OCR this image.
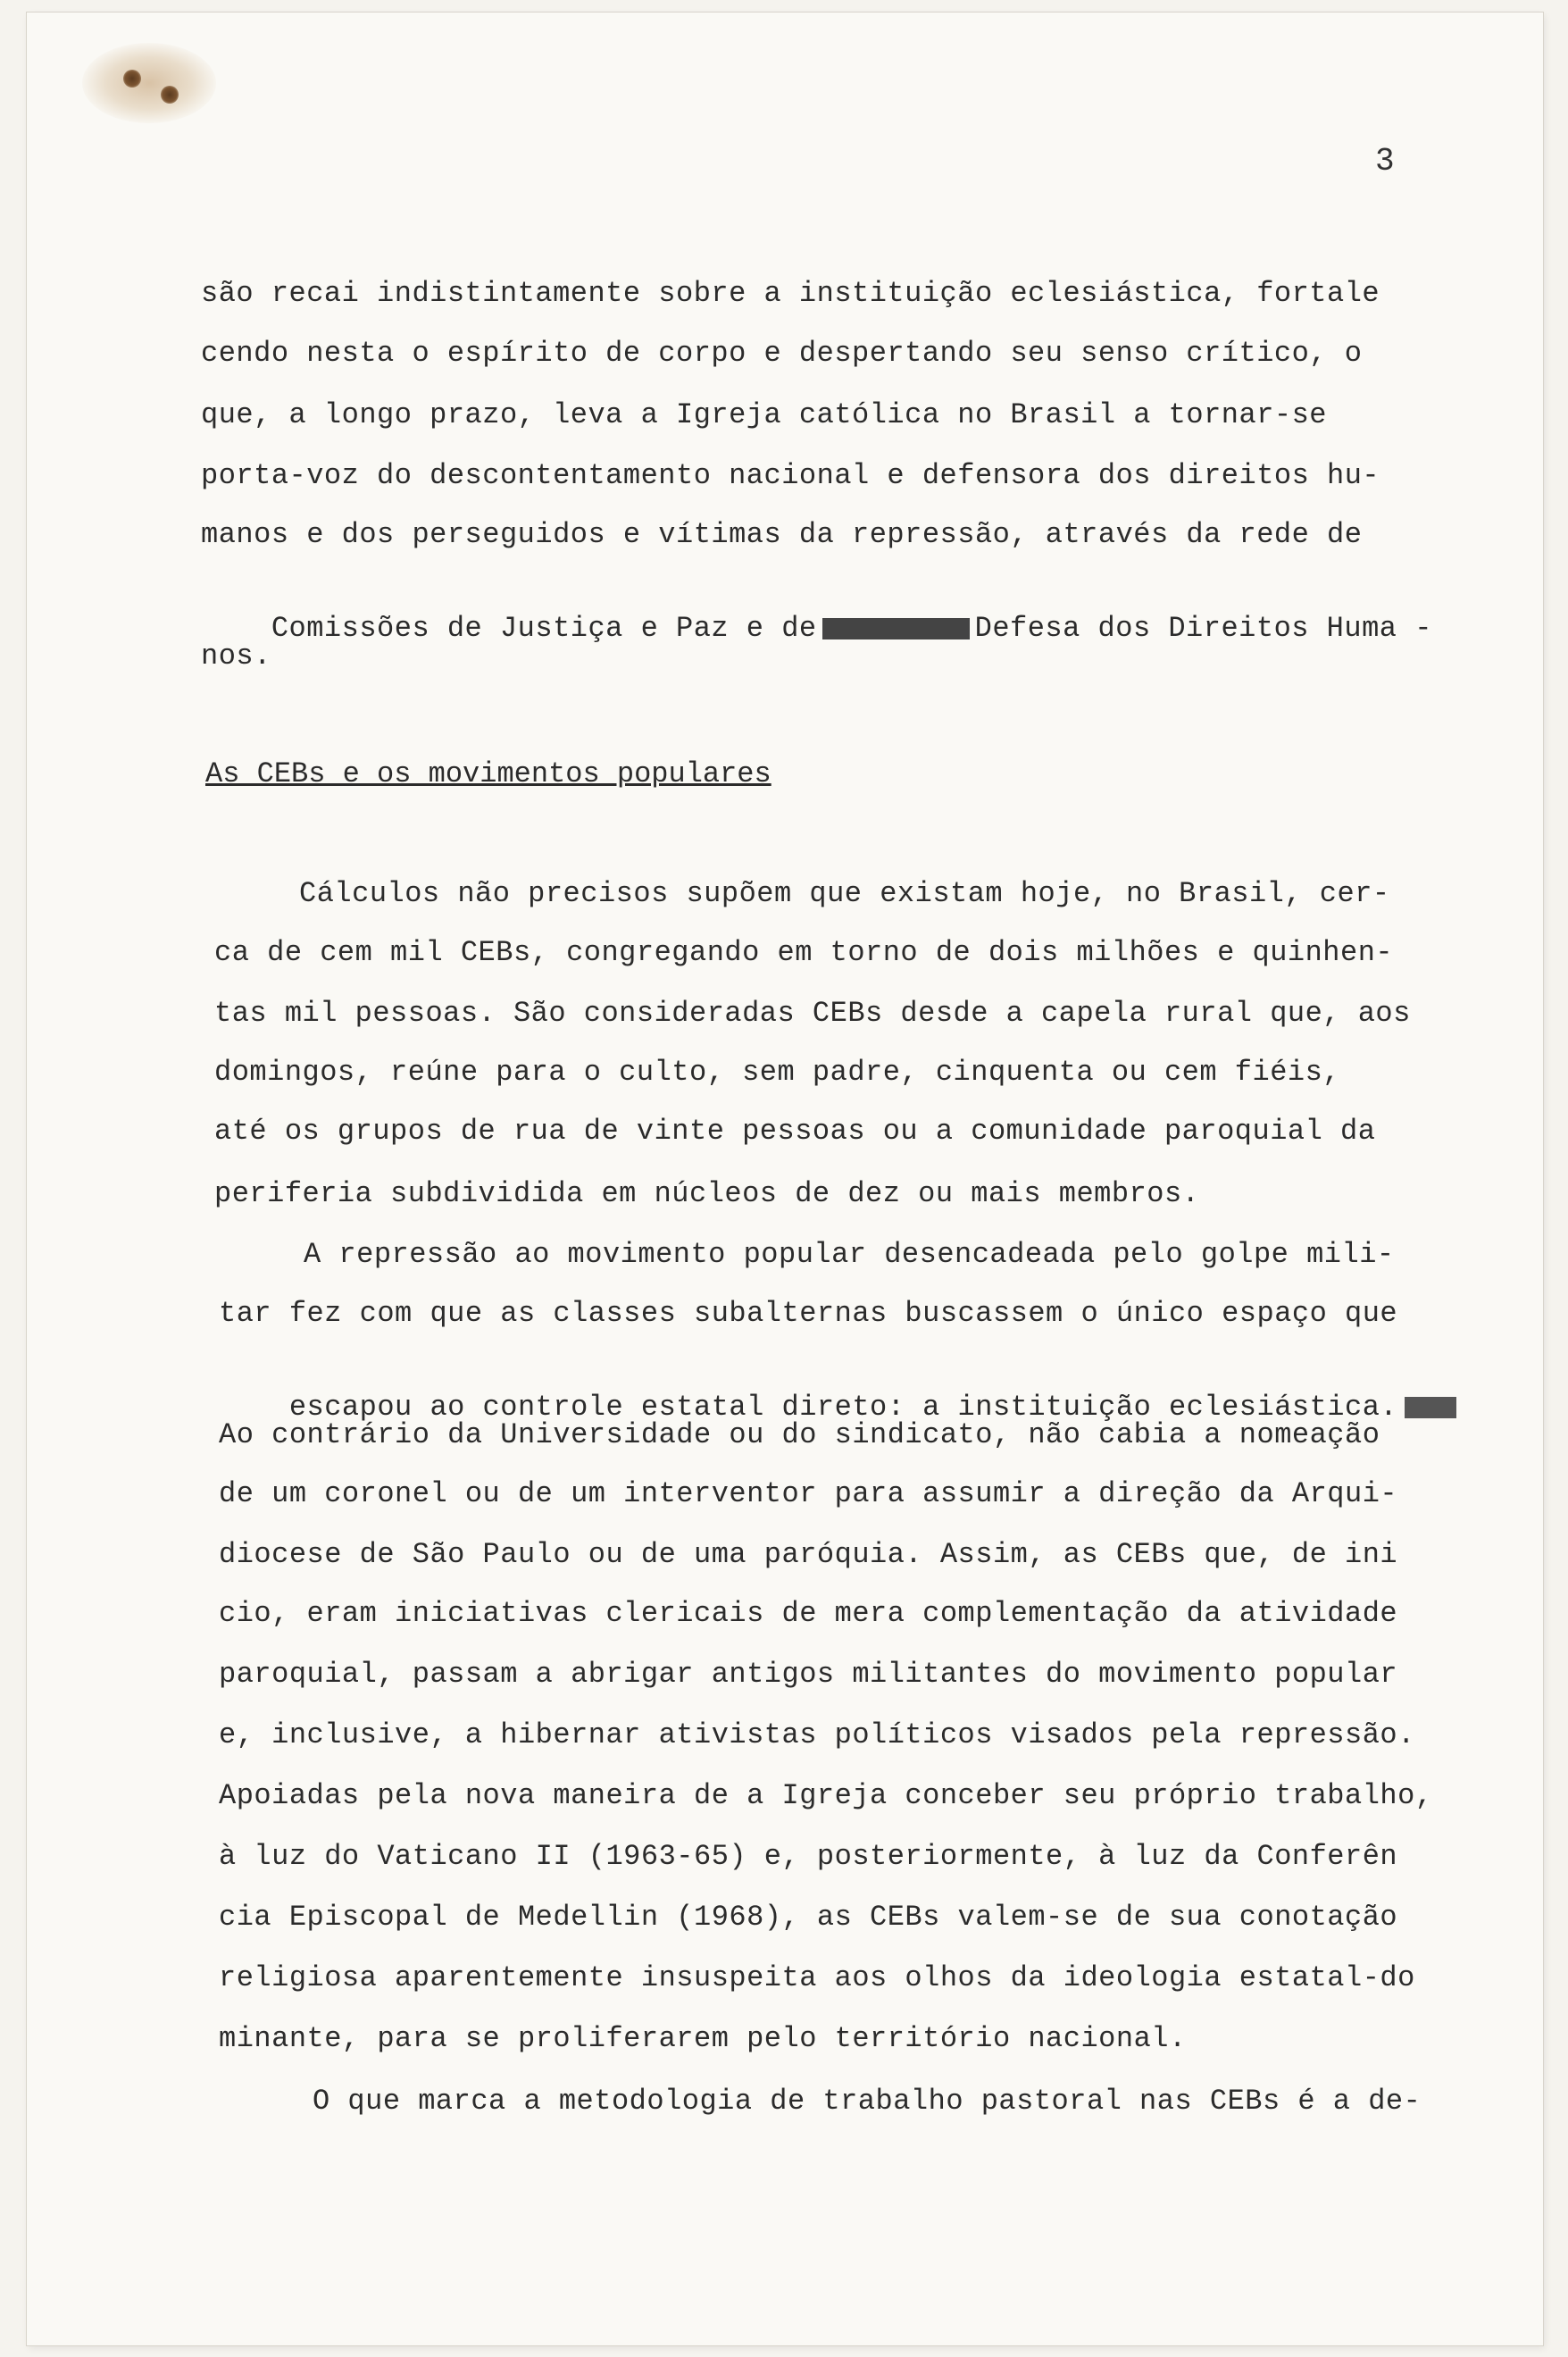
3
são recai indistintamente sobre a instituição eclesiástica, fortale
cendo nesta o espírito de corpo e despertando seu senso crítico, o
que, a longo prazo, leva a Igreja católica no Brasil a tornar-se
porta-voz do descontentamento nacional e defensora dos direitos hu-
manos e dos perseguidos e vítimas da repressão, através da rede de

Comissões de Justiça e Paz e de	Defesa dos Direitos Huma -

nos.
As CEBs e os movimentos populares
Cálculos não precisos supõem que existam hoje, no Brasil, cer-
ca de cem mil CEBs, congregando em torno de dois milhões e quinhen-
tas mil pessoas. São consideradas CEBs desde a capela rural que, aos
domingos, reúne para o culto, sem padre, cinquenta ou cem fiéis,
até os grupos de rua de vinte pessoas ou a comunidade paroquial da
periferia subdividida em núcleos de dez ou mais membros.
A repressão ao movimento popular desencadeada pelo golpe mili-
tar fez com que as classes subalternas buscassem o único espaço que

escapou ao controle estatal direto: a instituição eclesiástica.

Ao contrário da Universidade ou do sindicato, não cabia a nomeação
de um coronel ou de um interventor para assumir a direção da Arqui-
diocese de São Paulo ou de uma paróquia. Assim, as CEBs que, de ini
cio, eram iniciativas clericais de mera complementação da atividade
paroquial, passam a abrigar antigos militantes do movimento popular
e, inclusive, a hibernar ativistas políticos visados pela repressão.
Apoiadas pela nova maneira de a Igreja conceber seu próprio trabalho,
à luz do Vaticano II (1963-65) e, posteriormente, à luz da Conferên
cia Episcopal de Medellin (1968), as CEBs valem-se de sua conotação
religiosa aparentemente insuspeita aos olhos da ideologia estatal-do
minante, para se proliferarem pelo território nacional.
O que marca a metodologia de trabalho pastoral nas CEBs é a de-
